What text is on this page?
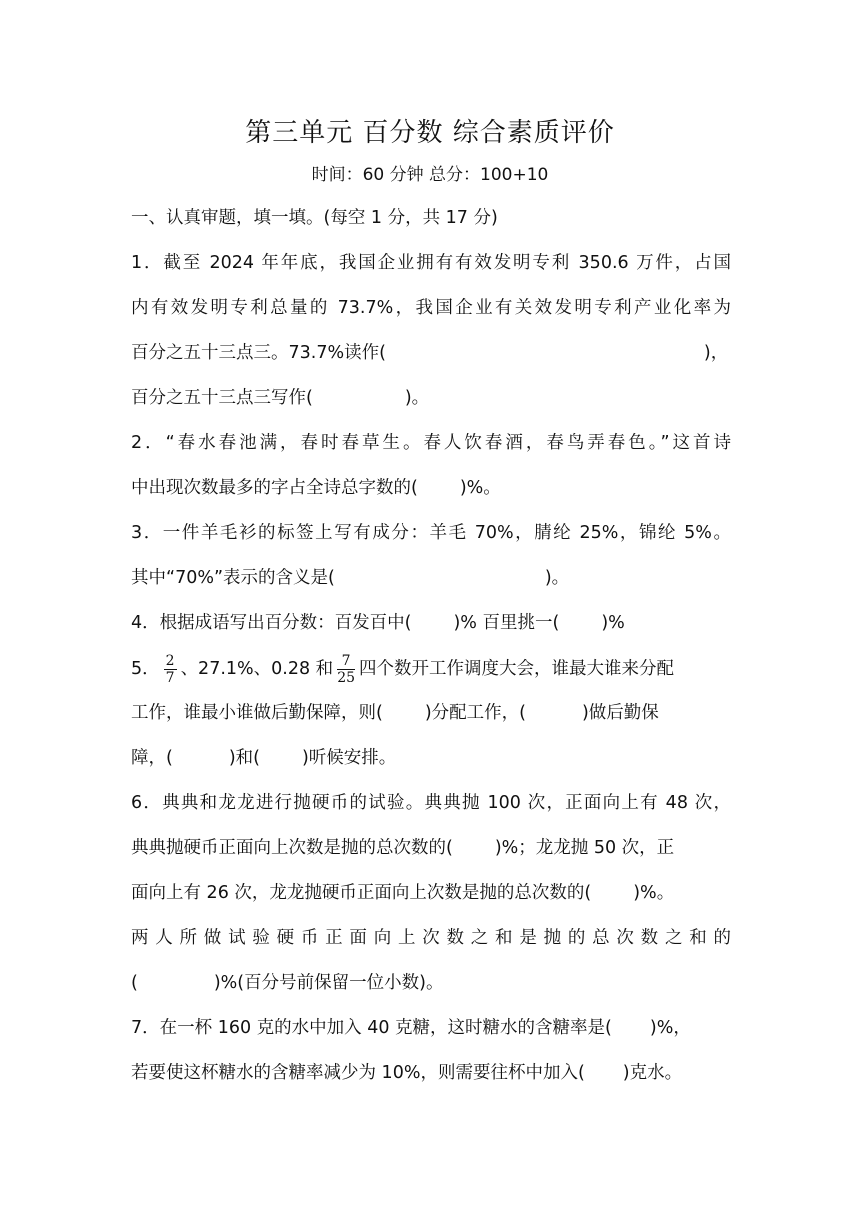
第三单元 百分数 综合素质评价
时间：60 分钟 总分：100+10
一、认真审题，填一填。(每空 1 分，共 17 分)
1．截至 2024 年年底，我国企业拥有有效发明专利 350.6 万件，占国
内有效发明专利总量的 73.7%，我国企业有关效发明专利产业化率为
百分之五十三点三。73.7%读作(	)，
百分之五十三点三写作(	)。
2．“春水春池满，春时春草生。春人饮春酒，春鸟弄春色。”这首诗
中出现次数最多的字占全诗总字数的( )%。
3．一件羊毛衫的标签上写有成分：羊毛 70%，腈纶 25%，锦纶 5%。
其中“70%”表示的含义是(	)。
4．根据成语写出百分数：百发百中( )% 百里挑一( )%
5． $\frac{2}{7}$ 、27.1%、0.28 和 $\frac{7}{25}$ 四个数开工作调度大会，谁最大谁来分配
工作，谁最小谁做后勤保障，则( )分配工作，(	)做后勤保
障，(	)和( )听候安排。
6．典典和龙龙进行抛硬币的试验。典典抛 100 次，正面向上有 48 次，
典典抛硬币正面向上次数是抛的总次数的( )%；龙龙抛 50 次，正
面向上有 26 次，龙龙抛硬币正面向上次数是抛的总次数的( )%。
两人所做试验硬币正面向上次数之和是抛的总次数之和的
(	)%(百分号前保留一位小数)。
7．在一杯 160 克的水中加入 40 克糖，这时糖水的含糖率是( )%，
若要使这杯糖水的含糖率减少为 10%，则需要往杯中加入( )克水。
